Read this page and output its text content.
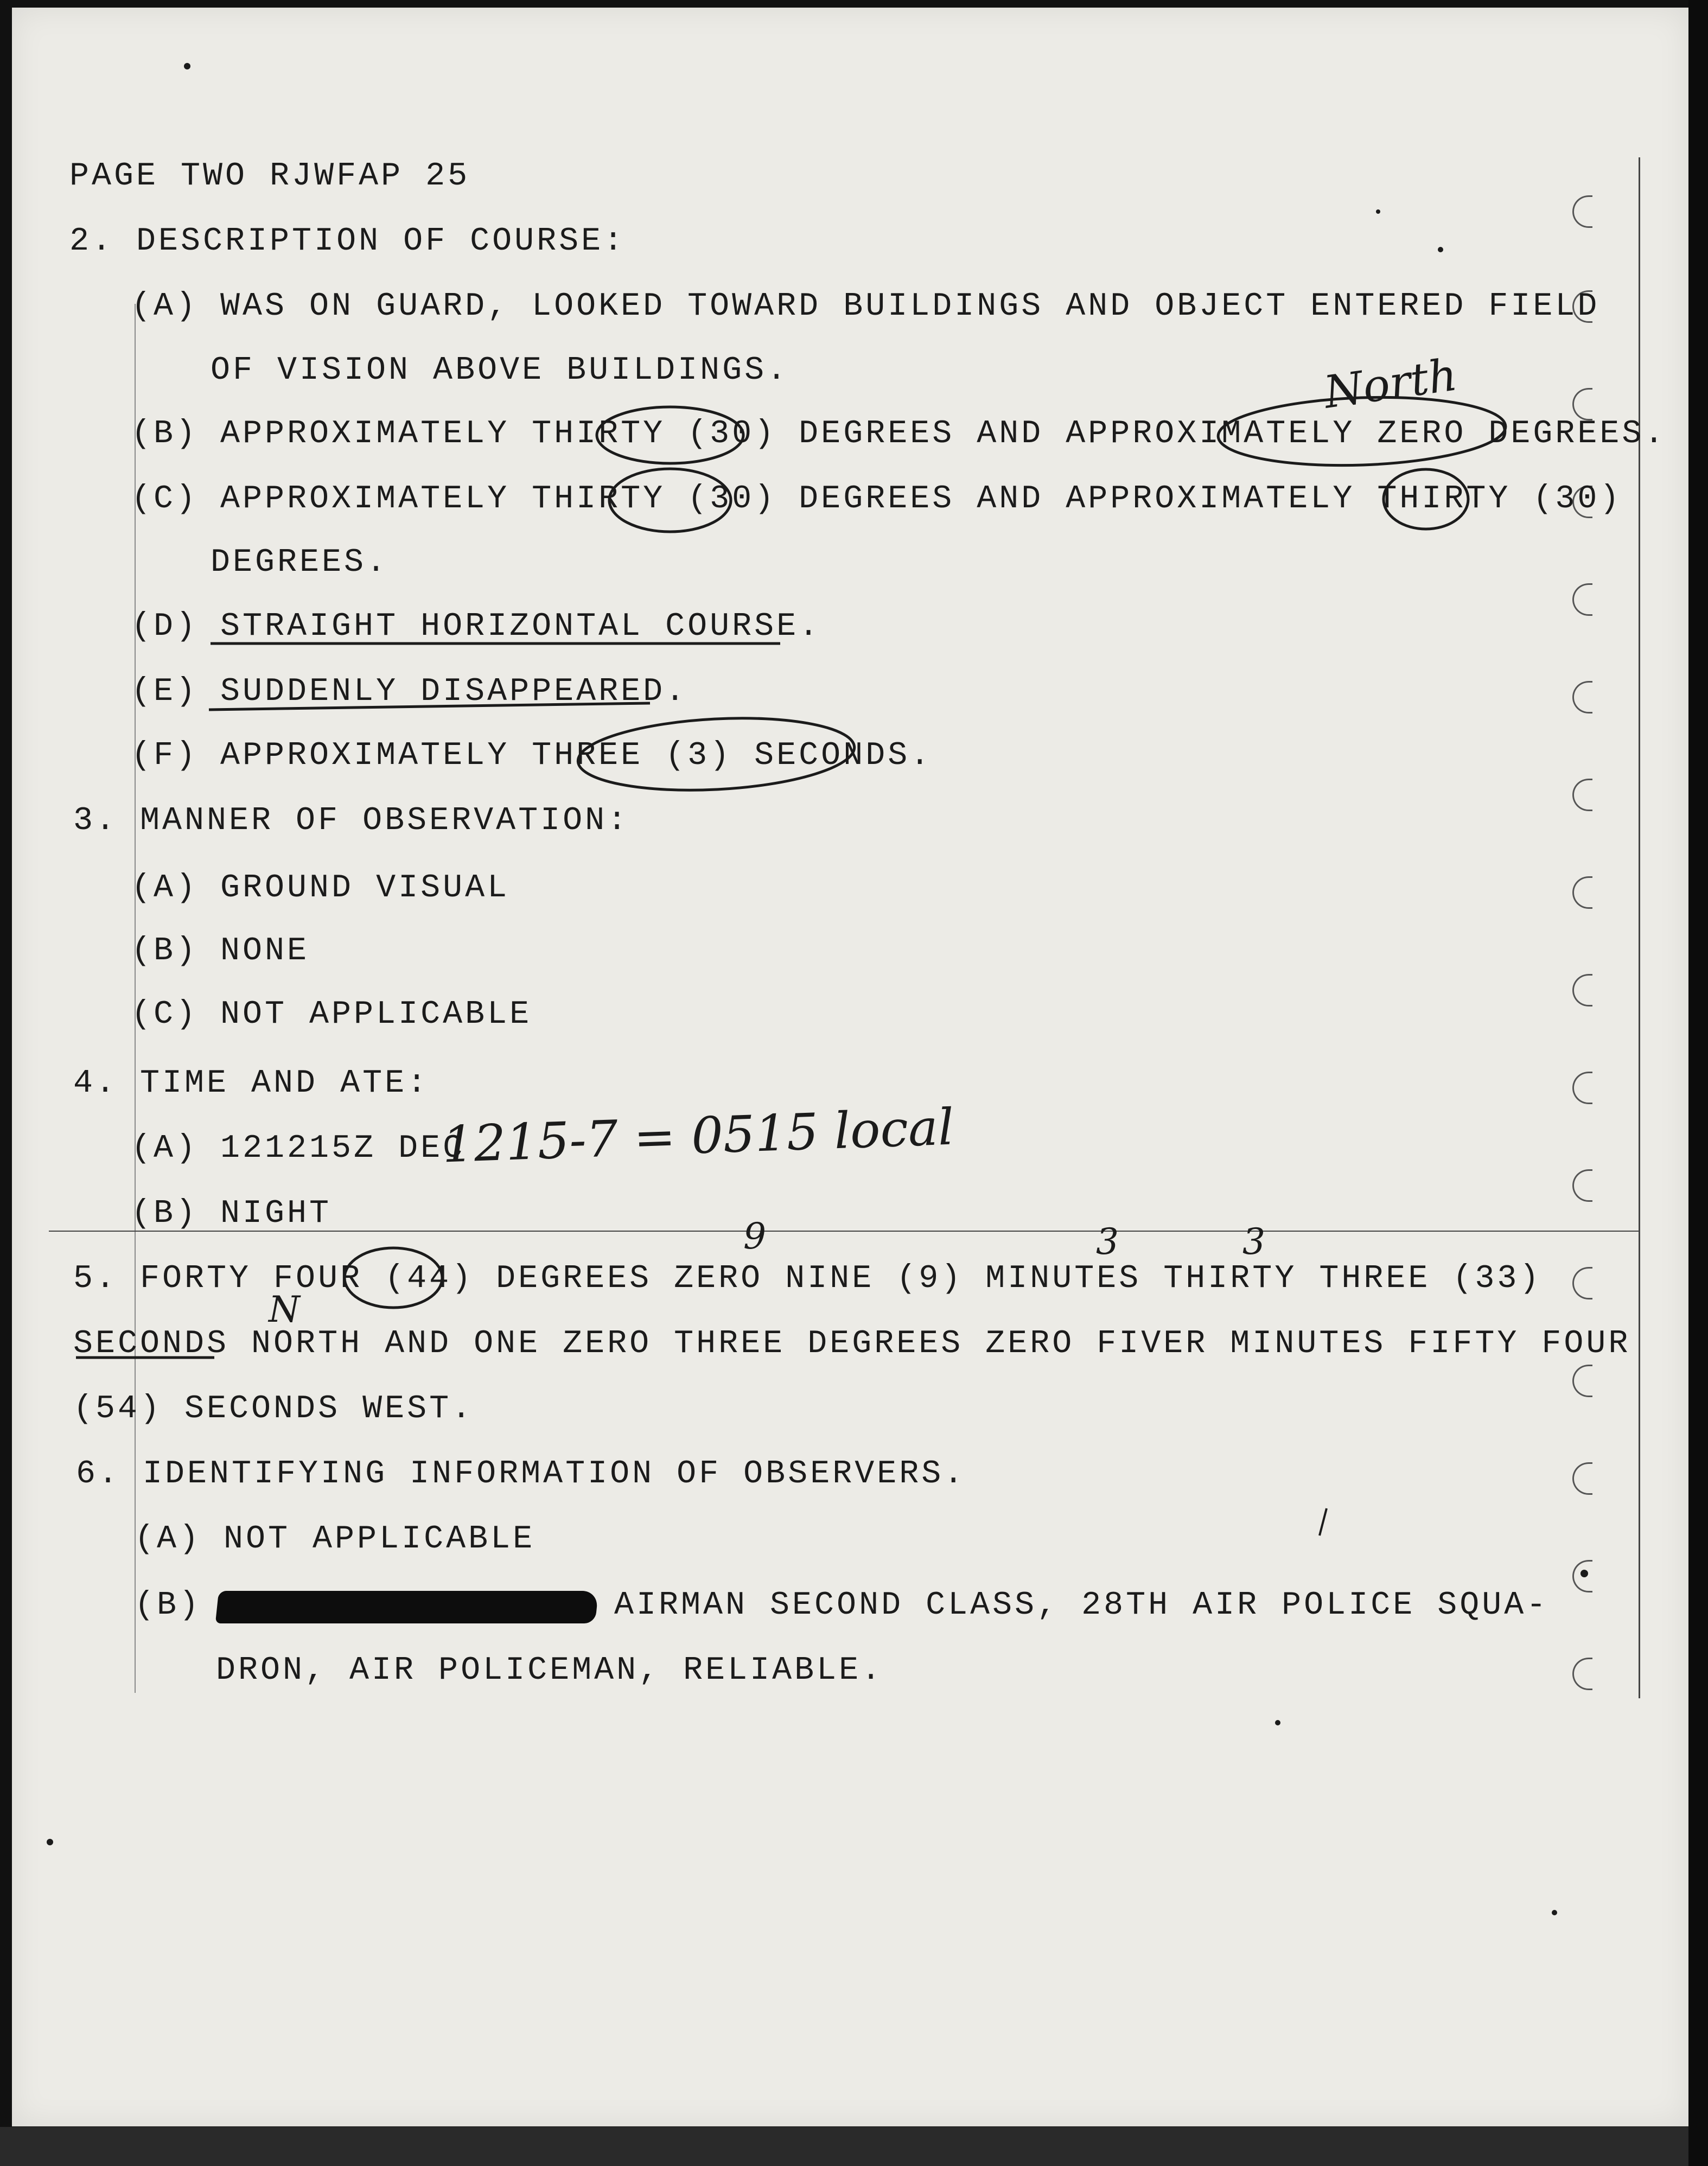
PAGE TWO RJWFAP 25
2. DESCRIPTION OF COURSE:
(A) WAS ON GUARD, LOOKED TOWARD BUILDINGS AND OBJECT ENTERED FIELD
OF VISION ABOVE BUILDINGS.
(B) APPROXIMATELY THIRTY (30) DEGREES AND APPROXIMATELY ZERO DEGREES.
(C) APPROXIMATELY THIRTY (30) DEGREES AND APPROXIMATELY THIRTY (30)
DEGREES.
(D) STRAIGHT HORIZONTAL COURSE.
(E) SUDDENLY DISAPPEARED.
(F) APPROXIMATELY THREE (3) SECONDS.
3. MANNER OF OBSERVATION:
(A) GROUND VISUAL
(B) NONE
(C) NOT APPLICABLE
4. TIME AND ATE:
(A) 121215Z DEC
(B) NIGHT
5. FORTY FOUR (44) DEGREES ZERO NINE (9) MINUTES THIRTY THREE (33)
SECONDS NORTH AND ONE ZERO THREE DEGREES ZERO FIVER MINUTES FIFTY FOUR
(54) SECONDS WEST.
6. IDENTIFYING INFORMATION OF OBSERVERS.
(A) NOT APPLICABLE
(B)	AIRMAN SECOND CLASS, 28TH AIR POLICE SQUA-
DRON, AIR POLICEMAN, RELIABLE.
North
1215-7 = 0515 local
9	3	3
N
